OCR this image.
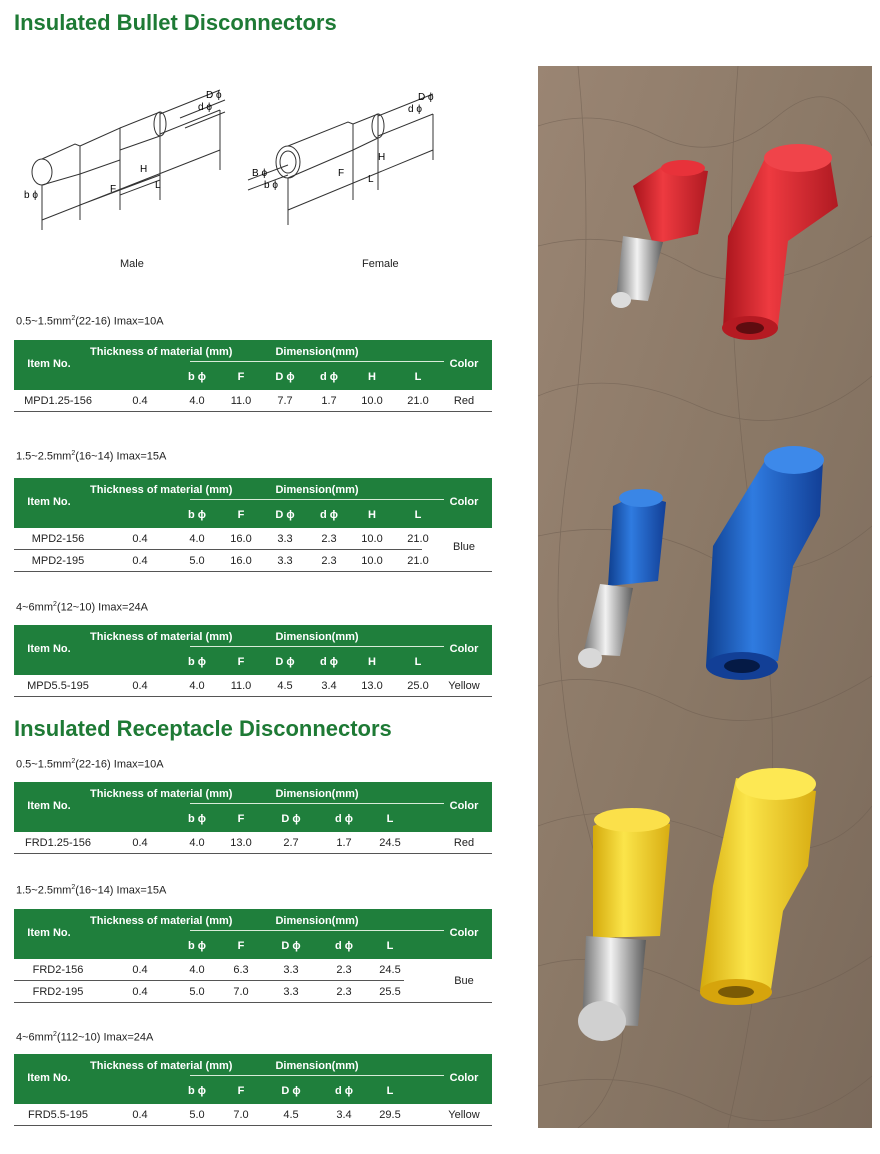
Insulated Bullet Disconnectors
D ϕ
d ϕ
H
F	L
b ϕ
Male
D ϕ
d ϕ
H
F
L
B ϕ
b ϕ
Female
$0.5\sim 1.5mm^2(22-16)$ Imax=10A
Item No.
Thickness of material (mm)	Dimension(mm)
b ϕ	F	D ϕ	d ϕ	H	L
Color
MPD1.25-156	0.4	4.0	11.0	7.7	1.7	10.0	21.0	Red
$1.5\sim 2.5mm^2(16\sim 14)$ Imax=15A
Item No.
Thickness of material (mm)	Dimension(mm)
b ϕ	F	D ϕ	d ϕ	H	L
Color
MPD2-156	0.4	4.0	16.0	3.3	2.3	10.0	21.0
MPD2-195	0.4	5.0	16.0	3.3	2.3	10.0	21.0
Blue
$4\sim 6mm^2(12\sim 10)$ Imax=24A
Item No.
Thickness of material (mm)	Dimension(mm)
b ϕ	F	D ϕ	d ϕ	H	L
Color
MPD5.5-195	0.4	4.0	11.0	4.5	3.4	13.0	25.0	Yellow
Insulated Receptacle Disconnectors
$0.5\sim 1.5mm^2(22-16)$ Imax=10A
Item No.
Thickness of material (mm)	Dimension(mm)
b ϕ	F	D ϕ	d ϕ	L
Color
FRD1.25-156	0.4	4.0	13.0	2.7	1.7	24.5	Red
$1.5\sim 2.5mm^2(16\sim 14)$ Imax=15A
Item No.
Thickness of material (mm)	Dimension(mm)
b ϕ	F	D ϕ	d ϕ	L
Color
FRD2-156	0.4	4.0	6.3	3.3	2.3	24.5
FRD2-195	0.4	5.0	7.0	3.3	2.3	25.5
Bue
$4\sim 6mm^2(112\sim 10)$ Imax=24A
Item No.
Thickness of material (mm)	Dimension(mm)
b ϕ	F	D ϕ	d ϕ	L
Color
FRD5.5-195	0.4	5.0	7.0	4.5	3.4	29.5	Yellow
